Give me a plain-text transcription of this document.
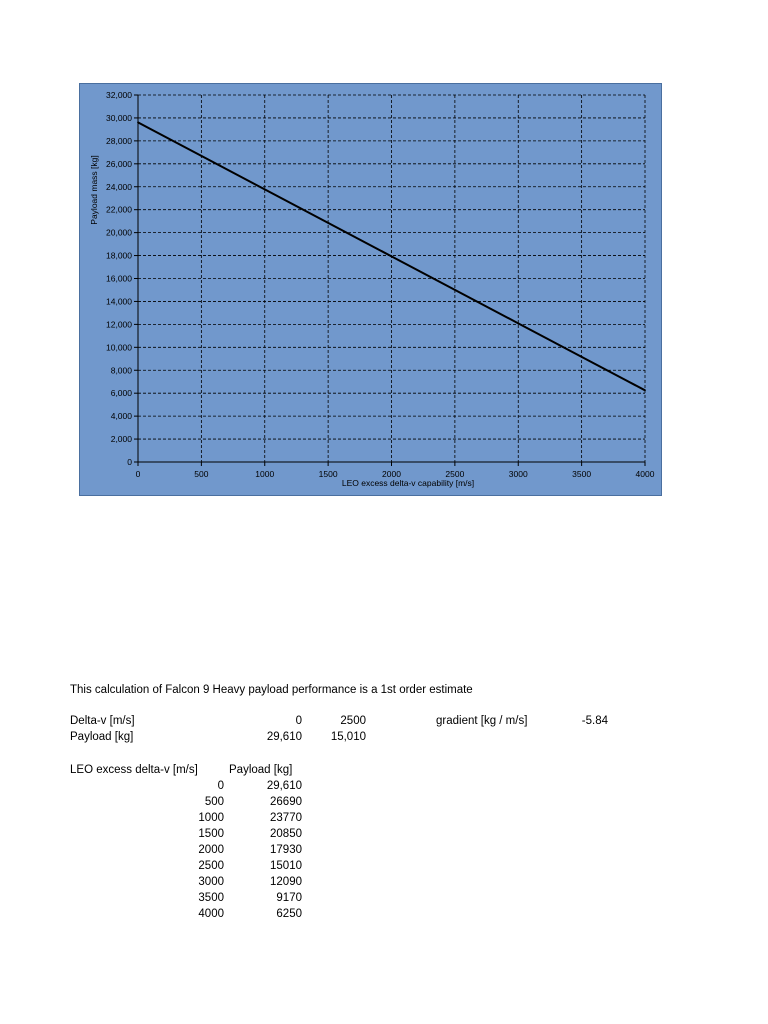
0	500	1000	1500	2000	2500	3000	3500	4000
0
2,000
4,000
6,000
8,000
10,000
12,000
14,000
16,000
18,000
20,000
22,000
24,000
26,000
28,000
30,000
32,000
LEO excess delta-v capability [m/s]
Payload mass [kg]
This calculation of Falcon 9 Heavy payload performance is a 1st order estimate
Delta-v [m/s]	0	2500	gradient [kg / m/s]	-5.84
Payload [kg]	29,610	15,010
LEO excess delta-v [m/s]	Payload [kg]
0	29,610
500	26690
1000	23770
1500	20850
2000	17930
2500	15010
3000	12090
3500	9170
4000	6250
